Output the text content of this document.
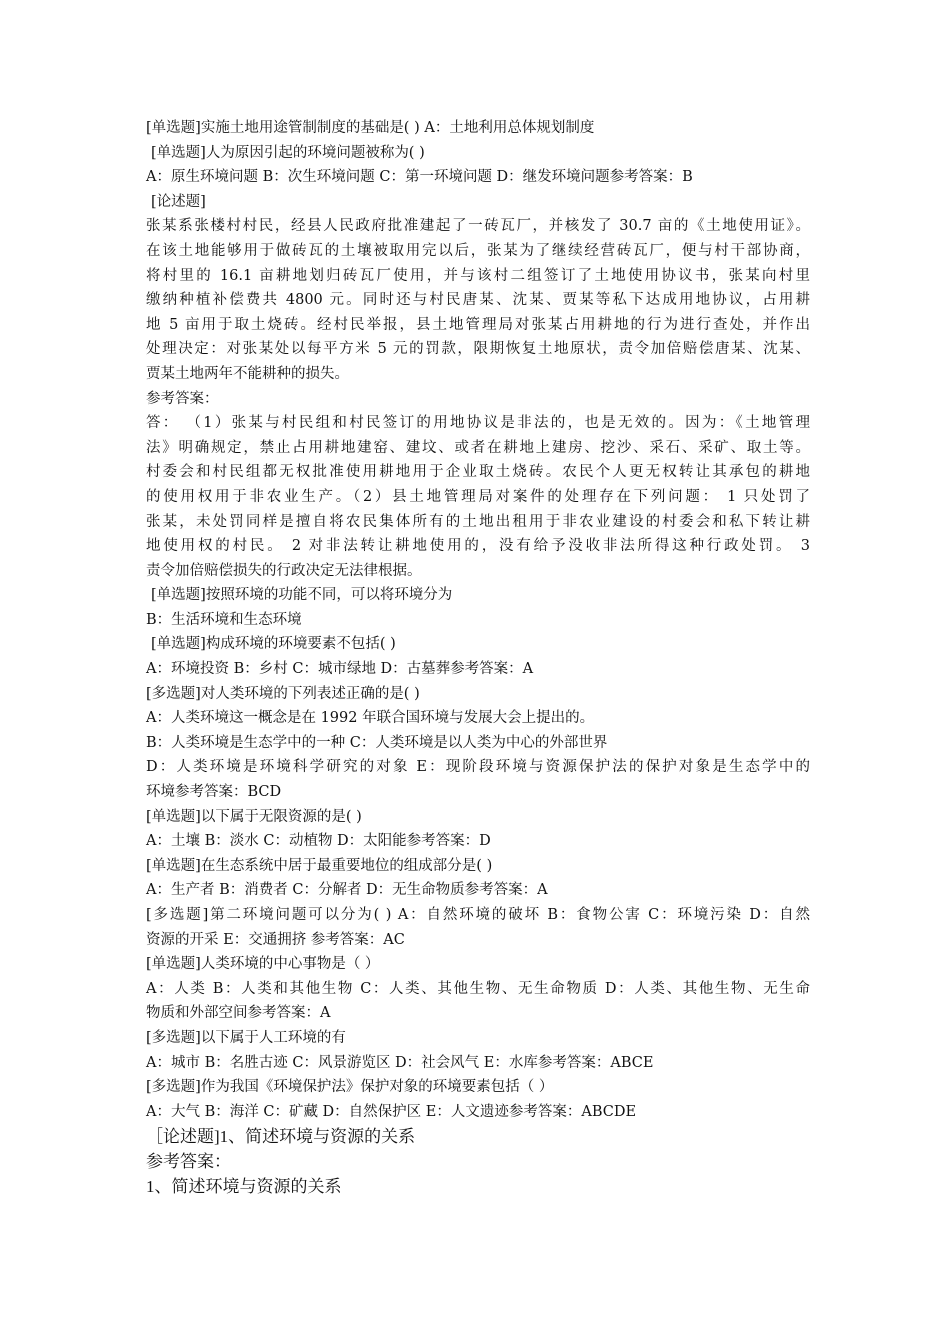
[单选题]实施土地用途管制制度的基础是( ) A：土地利用总体规划制度
[单选题]人为原因引起的环境问题被称为( )
A：原生环境问题 B：次生环境问题 C：第一环境问题 D：继发环境问题参考答案：B
[论述题]
张某系张楼村村民，经县人民政府批准建起了一砖瓦厂，并核发了 30.7 亩的《土地使用证》。
在该土地能够用于做砖瓦的土壤被取用完以后，张某为了继续经营砖瓦厂，便与村干部协商，
将村里的 16.1 亩耕地划归砖瓦厂使用，并与该村二组签订了土地使用协议书，张某向村里
缴纳种植补偿费共 4800 元。同时还与村民唐某、沈某、贾某等私下达成用地协议，占用耕
地 5 亩用于取土烧砖。经村民举报，县土地管理局对张某占用耕地的行为进行查处，并作出
处理决定：对张某处以每平方米 5 元的罚款，限期恢复土地原状，责令加倍赔偿唐某、沈某、
贾某土地两年不能耕种的损失。
参考答案：
答： （1）张某与村民组和村民签订的用地协议是非法的，也是无效的。因为：《土地管理
法》明确规定，禁止占用耕地建窑、建坟、或者在耕地上建房、挖沙、采石、采矿、取土等。
村委会和村民组都无权批准使用耕地用于企业取土烧砖。农民个人更无权转让其承包的耕地
的使用权用于非农业生产。（2）县土地管理局对案件的处理存在下列问题： 1 只处罚了
张某，未处罚同样是擅自将农民集体所有的土地出租用于非农业建设的村委会和私下转让耕
地使用权的村民。 2 对非法转让耕地使用的，没有给予没收非法所得这种行政处罚。 3
责令加倍赔偿损失的行政决定无法律根据。
[单选题]按照环境的功能不同，可以将环境分为
B：生活环境和生态环境
[单选题]构成环境的环境要素不包括( )
A：环境投资 B：乡村 C：城市绿地 D：古墓葬参考答案：A
[多选题]对人类环境的下列表述正确的是( )
A：人类环境这一概念是在 1992 年联合国环境与发展大会上提出的。
B：人类环境是生态学中的一种 C：人类环境是以人类为中心的外部世界
D：人类环境是环境科学研究的对象 E：现阶段环境与资源保护法的保护对象是生态学中的
环境参考答案：BCD
[单选题]以下属于无限资源的是( )
A：土壤 B：淡水 C：动植物 D：太阳能参考答案：D
[单选题]在生态系统中居于最重要地位的组成部分是( )
A：生产者 B：消费者 C：分解者 D：无生命物质参考答案：A
[多选题]第二环境问题可以分为( ) A：自然环境的破坏 B：食物公害 C：环境污染 D：自然
资源的开采 E：交通拥挤 参考答案：AC
[单选题]人类环境的中心事物是（ ）
A：人类 B：人类和其他生物 C：人类、其他生物、无生命物质 D：人类、其他生物、无生命
物质和外部空间参考答案：A
[多选题]以下属于人工环境的有
A：城市 B：名胜古迹 C：风景游览区 D：社会风气 E：水库参考答案：ABCE
[多选题]作为我国《环境保护法》保护对象的环境要素包括（ ）
A：大气 B：海洋 C：矿藏 D：自然保护区 E：人文遗迹参考答案：ABCDE
［论述题]1、简述环境与资源的关系
参考答案：
1、简述环境与资源的关系
